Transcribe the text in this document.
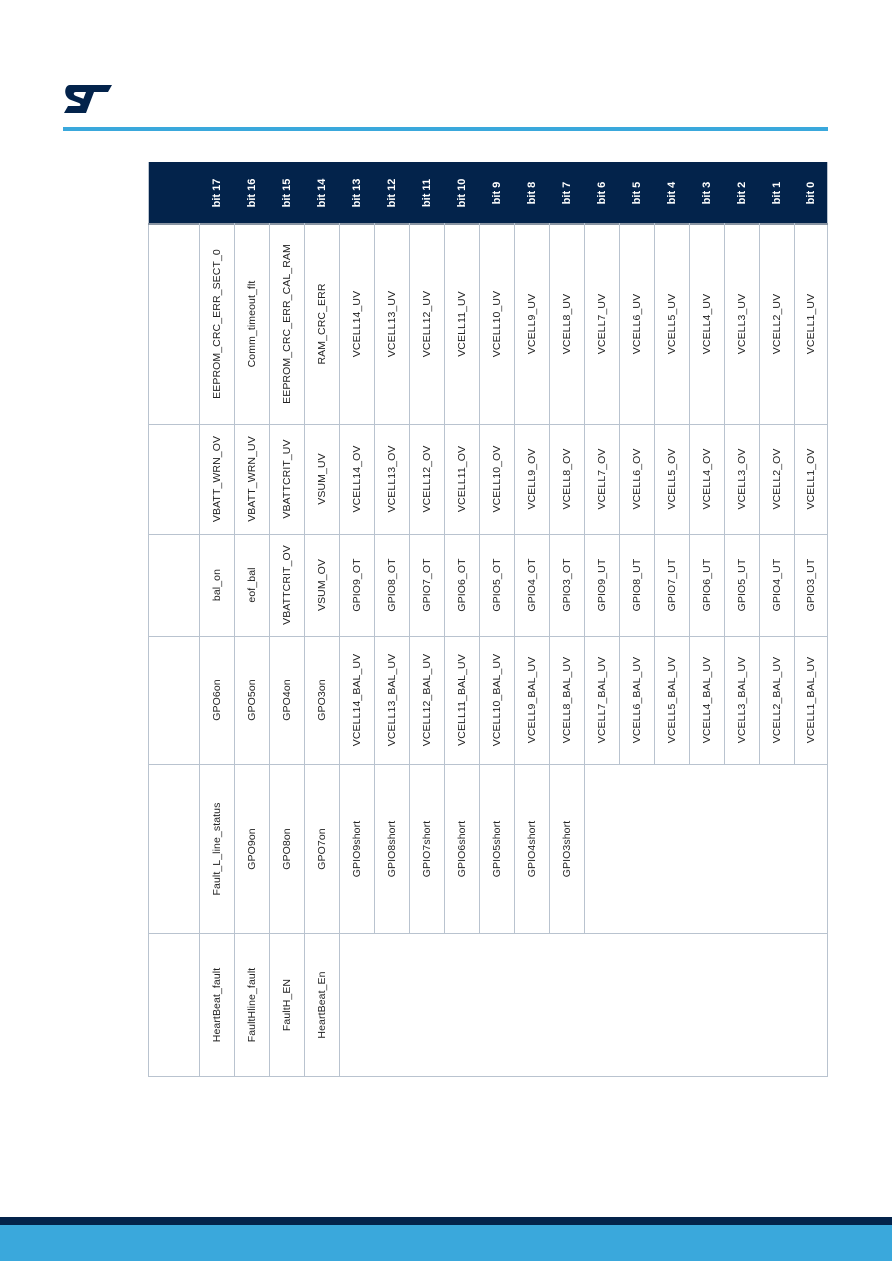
bit 17 bit 16 bit 15 bit 14 bit 13 bit 12 bit 11 bit 10 bit 9 bit 8 bit 7 bit 6 bit 5 bit 4 bit 3 bit 2 bit 1 bit 0
EEPROM_CRC_ERR_SECT_0
VBATT_WRN_OV
bal_on
GPO6on
Fault_L_line_status
HeartBeat_fault
Comm_timeout_flt
VBATT_WRN_UV
eof_bal
GPO5on
GPO9on
FaultHline_fault
EEPROM_CRC_ERR_CAL_RAM
VBATTCRIT_UV
VBATTCRIT_OV
GPO4on
GPO8on
FaultH_EN
RAM_CRC_ERR
VSUM_UV
VSUM_OV
GPO3on
GPO7on
HeartBeat_En
VCELL14_UV
VCELL14_OV
GPIO9_OT
VCELL14_BAL_UV
GPIO9short
VCELL13_UV
VCELL13_OV
GPIO8_OT
VCELL13_BAL_UV
GPIO8short
VCELL12_UV
VCELL12_OV
GPIO7_OT
VCELL12_BAL_UV
GPIO7short
VCELL11_UV
VCELL11_OV
GPIO6_OT
VCELL11_BAL_UV
GPIO6short
VCELL10_UV
VCELL10_OV
GPIO5_OT
VCELL10_BAL_UV
GPIO5short
VCELL9_UV
VCELL9_OV
GPIO4_OT
VCELL9_BAL_UV
GPIO4short
VCELL8_UV
VCELL8_OV
GPIO3_OT
VCELL8_BAL_UV
GPIO3short
VCELL7_UV
VCELL7_OV
GPIO9_UT
VCELL7_BAL_UV
VCELL6_UV
VCELL6_OV
GPIO8_UT
VCELL6_BAL_UV
VCELL5_UV
VCELL5_OV
GPIO7_UT
VCELL5_BAL_UV
VCELL4_UV
VCELL4_OV
GPIO6_UT
VCELL4_BAL_UV
VCELL3_UV
VCELL3_OV
GPIO5_UT
VCELL3_BAL_UV
VCELL2_UV
VCELL2_OV
GPIO4_UT
VCELL2_BAL_UV
VCELL1_UV
VCELL1_OV
GPIO3_UT
VCELL1_BAL_UV
